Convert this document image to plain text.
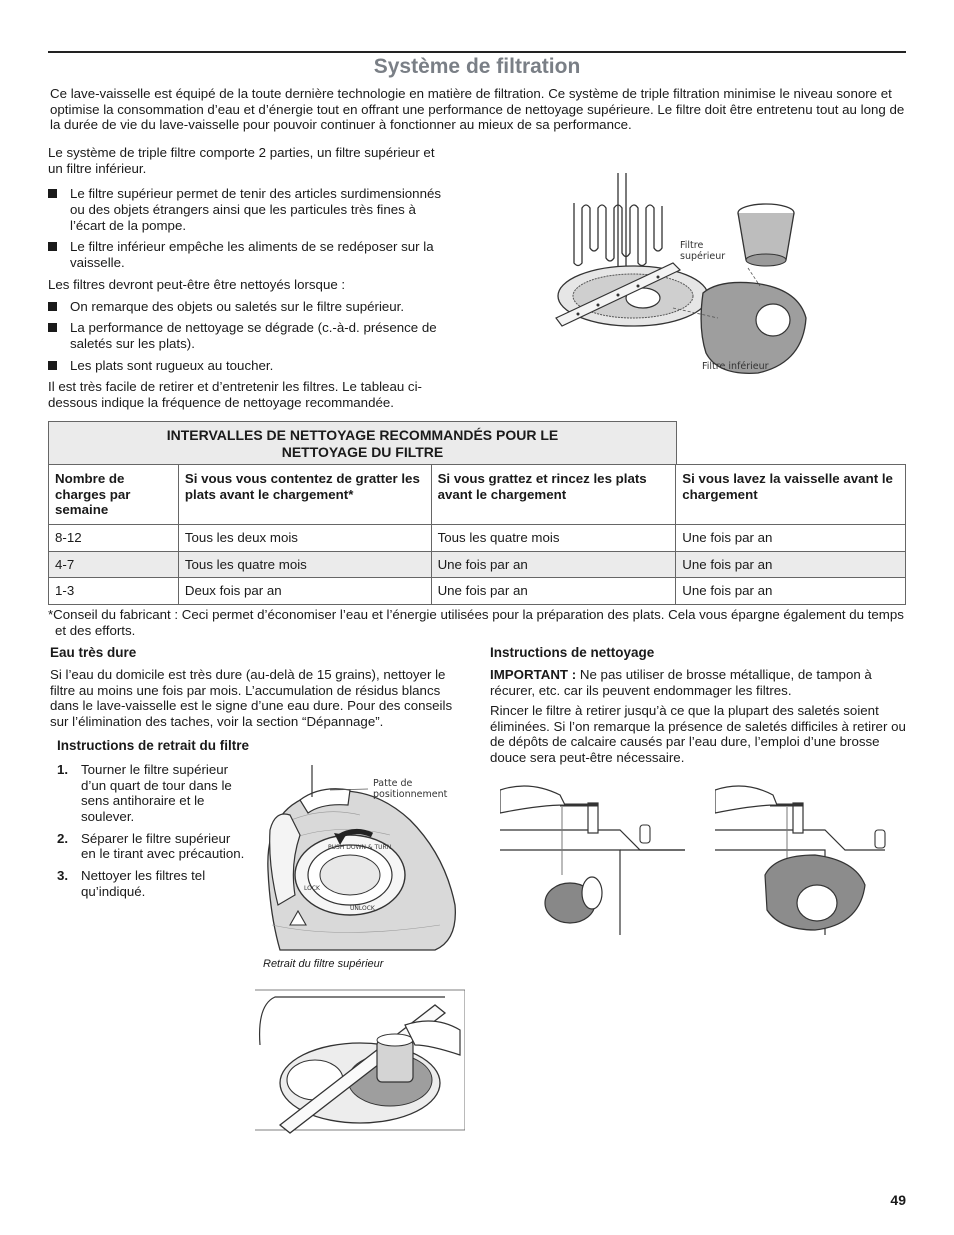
Système de filtration
Ce lave-vaisselle est équipé de la toute dernière technologie en matière de filtration. Ce système de triple filtration minimise le niveau sonore et optimise la consommation d’eau et d’énergie tout en offrant une performance de nettoyage supérieure. Le filtre doit être entretenu tout au long de la durée de vie du lave-vaisselle pour pouvoir continuer à fonctionner au mieux de sa performance.

Le système de triple filtre comporte 2 parties, un filtre supérieur et un filtre inférieur.

Le filtre supérieur permet de tenir des articles surdimensionnés ou des objets étrangers ainsi que les particules très fines à l’écart de la pompe.
Le filtre inférieur empêche les aliments de se redéposer sur la vaisselle.

Les filtres devront peut-être être nettoyés lorsque :

On remarque des objets ou saletés sur le filtre supérieur.
La performance de nettoyage se dégrade (c.-à-d. présence de saletés sur les plats).
Les plats sont rugueux au toucher.

Il est très facile de retirer et d’entretenir les filtres. Le tableau ci-dessous indique la fréquence de nettoyage recommandée.

Filtre
supérieur
Filtre inférieur
INTERVALLES DE NETTOYAGE RECOMMANDÉS POUR LE
NETTOYAGE DU FILTRE
Nombre de charges par semaine	Si vous vous contentez de gratter les plats avant le chargement*	Si vous grattez et rincez les plats avant le chargement	Si vous lavez la vaisselle avant le chargement
8-12	Tous les deux mois	Tous les quatre mois	Une fois par an
4-7	Tous les quatre mois	Une fois par an	Une fois par an
1-3	Deux fois par an	Une fois par an	Une fois par an
*Conseil du fabricant : Ceci permet d’économiser l’eau et l’énergie utilisées pour la préparation des plats. Cela vous épargne également du temps et des efforts.
Eau très dure
Si l’eau du domicile est très dure (au-delà de 15 grains), nettoyer le filtre au moins une fois par mois. L’accumulation de résidus blancs dans le lave-vaisselle est le signe d’une eau dure. Pour des conseils sur l’élimination des taches, voir la section “Dépannage”.
Instructions de retrait du filtre
1. Tourner le filtre supérieur d’un quart de tour dans le sens antihoraire et le soulever.
2. Séparer le filtre supérieur en le tirant avec précaution.
3. Nettoyer les filtres tel qu’indiqué.
PUSH DOWN & TURN
LOCK
UNLOCK
Patte de
positionnement
Retrait du filtre supérieur
Instructions de nettoyage
IMPORTANT : Ne pas utiliser de brosse métallique, de tampon à récurer, etc. car ils peuvent endommager les filtres.
Rincer le filtre à retirer jusqu’à ce que la plupart des saletés soient éliminées. Si l’on remarque la présence de saletés difficiles à retirer ou de dépôts de calcaire causés par l’eau dure, l’emploi d’une brosse douce sera peut-être nécessaire.
49
